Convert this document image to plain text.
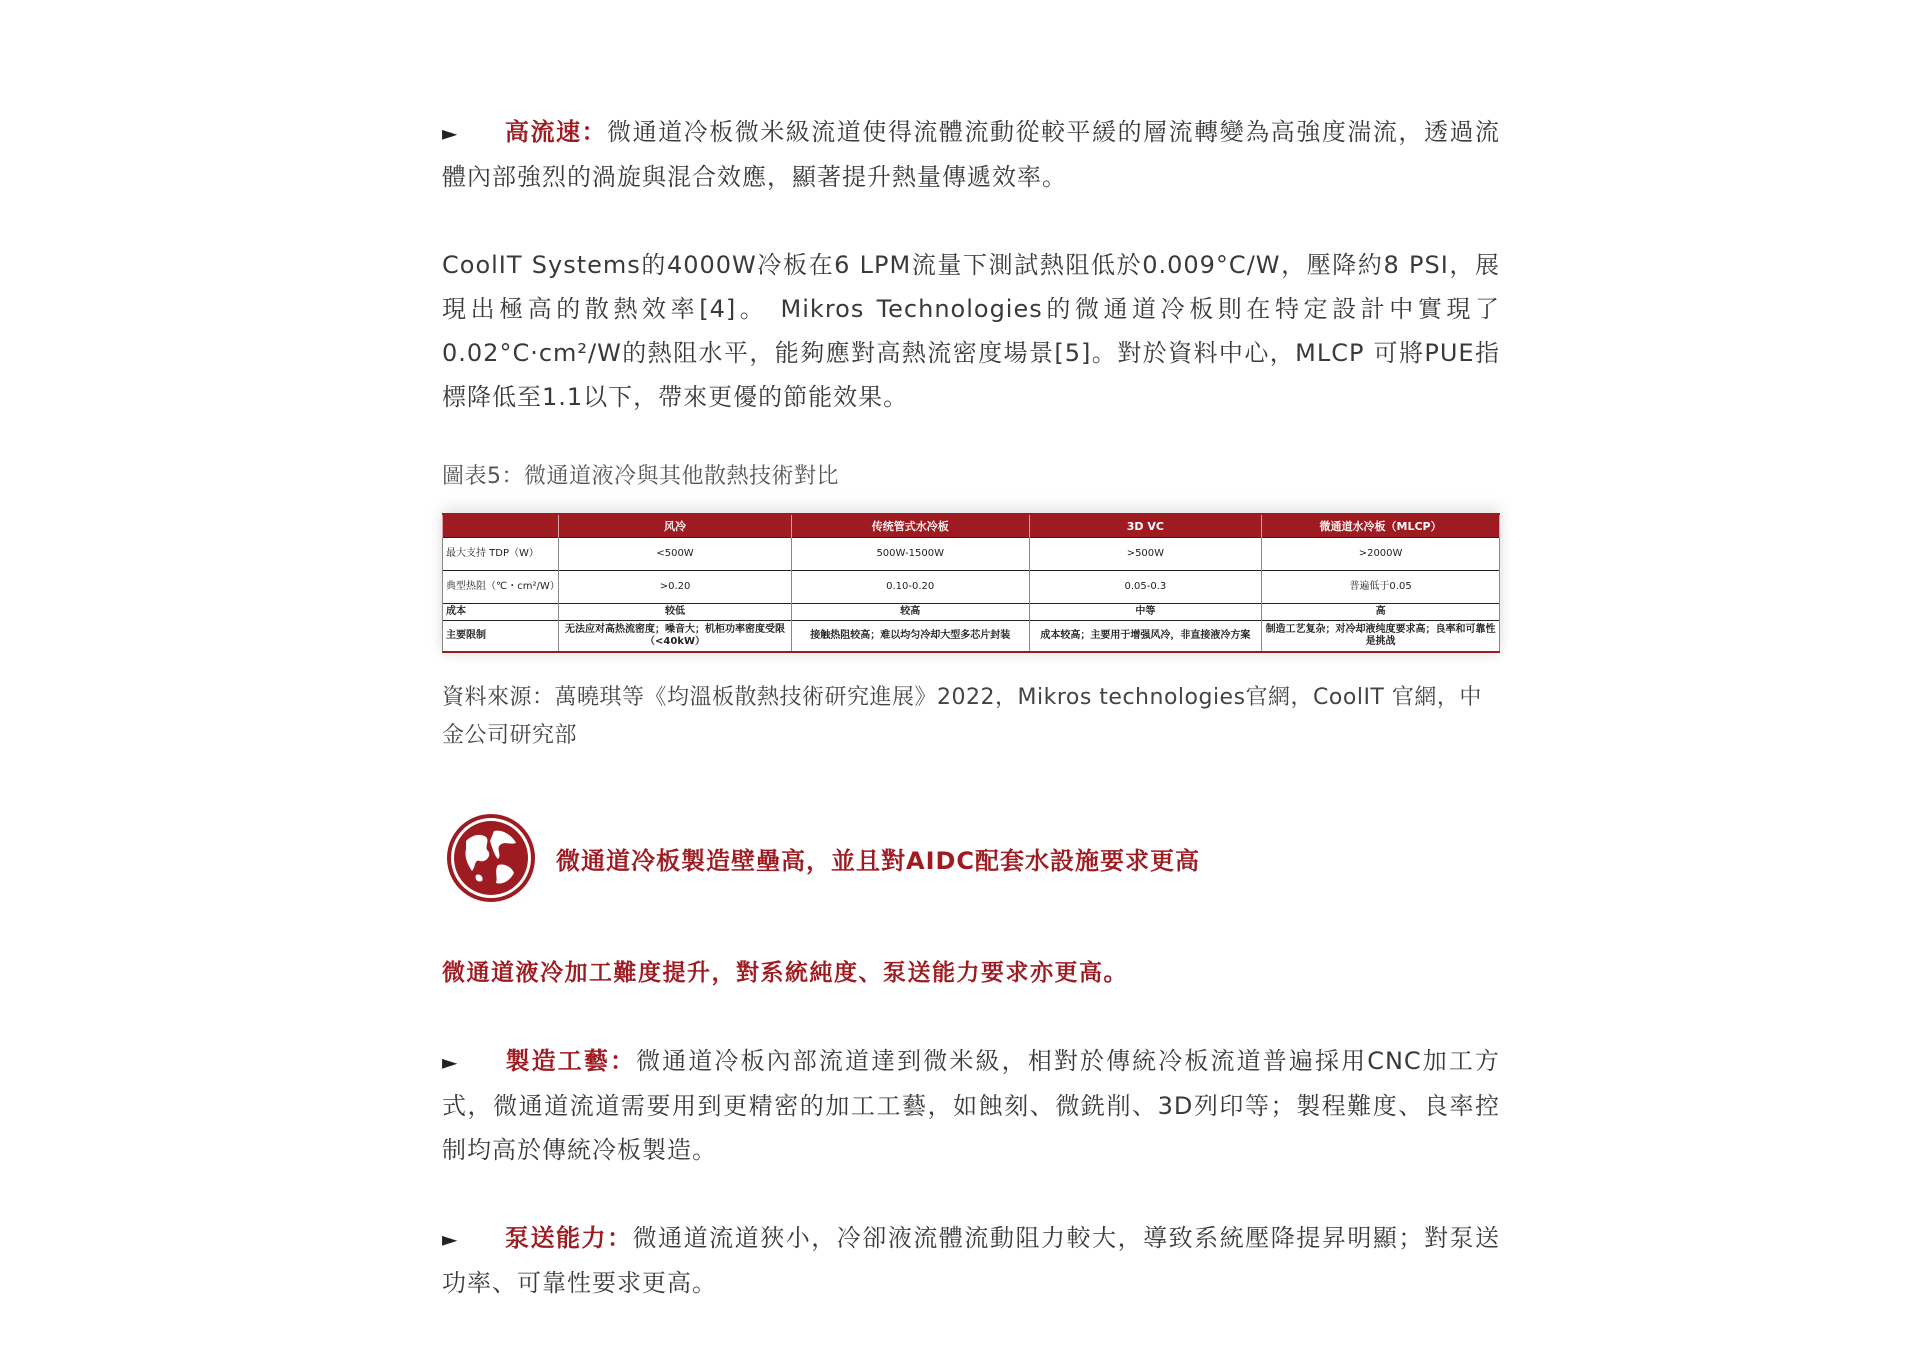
► 高流速：微通道冷板微米級流道使得流體流動從較平緩的層流轉變為高強度湍流，透過流體內部強烈的渦旋與混合效應，顯著提升熱量傳遞效率。

CoolIT Systems的4000W冷板在6 LPM流量下測試熱阻低於0.009°C/W，壓降約8 PSI，展現出極高的散熱效率[4]。 Mikros Technologies的微通道冷板則在特定設計中實現了0.02°C·cm²/W的熱阻水平，能夠應對高熱流密度場景[5]。對於資料中心，MLCP 可將PUE指標降低至1.1以下，帶來更優的節能效果。

圖表5：微通道液冷與其他散熱技術對比

	风冷	传统管式水冷板	3D VC	微通道水冷板（MLCP）
最大支持 TDP（W）	<500W	500W-1500W	>500W	>2000W
典型热阻（℃・cm²/W）	>0.20	0.10-0.20	0.05-0.3	普遍低于0.05
成本	较低	较高	中等	高
主要限制	无法应对高热流密度；噪音大；机柜功率密度受限（<40kW）	接触热阻较高；难以均匀冷却大型多芯片封装	成本较高；主要用于增强风冷，非直接液冷方案	制造工艺复杂；对冷却液纯度要求高；良率和可靠性是挑战

資料來源：萬曉琪等《均溫板散熱技術研究進展》2022，Mikros technologies官網，CoolIT 官網，中金公司研究部

微通道冷板製造壁壘高，並且對AIDC配套水設施要求更高

微通道液冷加工難度提升，對系統純度、泵送能力要求亦更高。

► 製造工藝：微通道冷板內部流道達到微米級，相對於傳統冷板流道普遍採用CNC加工方式，微通道流道需要用到更精密的加工工藝，如蝕刻、微銑削、3D列印等；製程難度、良率控制均高於傳統冷板製造。

► 泵送能力：微通道流道狹小，冷卻液流體流動阻力較大，導致系統壓降提昇明顯；對泵送功率、可靠性要求更高。
